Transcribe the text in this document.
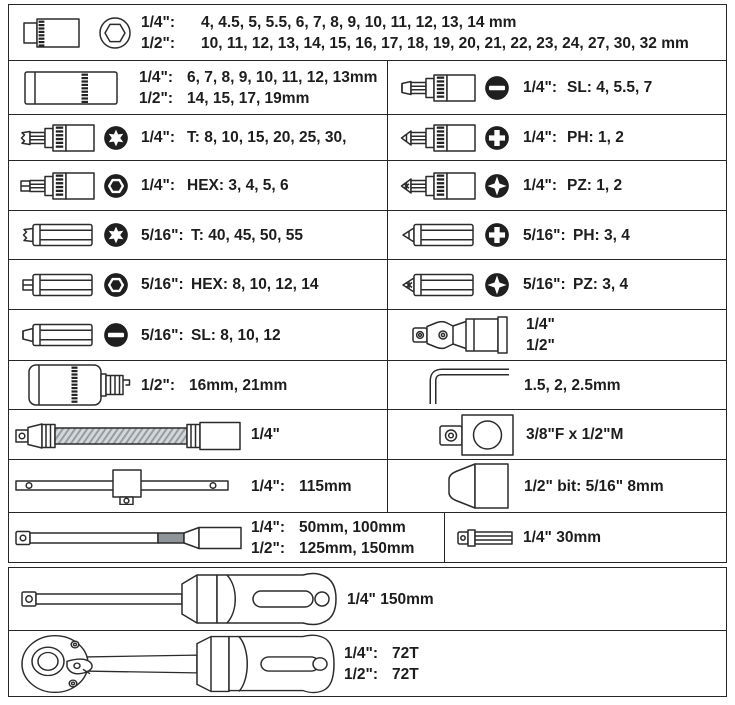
1/4":	4, 4.5, 5, 5.5, 6, 7, 8, 9, 10, 11, 12, 13, 14 mm
1/2":	10, 11, 12, 13, 14, 15, 16, 17, 18, 19, 20, 21, 22, 23, 24, 27, 30, 32 mm
1/4": 6, 7, 8, 9, 10, 11, 12, 13mm
1/2": 14, 15, 17, 19mm
1/4": SL: 4, 5.5, 7
1/4": T: 8, 10, 15, 20, 25, 30,	1/4": PH: 1, 2
1/4": HEX: 3, 4, 5, 6	1/4": PZ: 1, 2
5/16": T: 40, 45, 50, 55	5/16": PH: 3, 4
5/16": HEX: 8, 10, 12, 14	5/16": PZ: 3, 4
5/16": SL: 8, 10, 12
1/4"
1/2"
1/2": 16mm, 21mm	1.5, 2, 2.5mm
1/4"	3/8"F x 1/2"M
1/4": 115mm	1/2" bit: 5/16" 8mm
1/4": 50mm, 100mm
1/2": 125mm, 150mm
1/4" 30mm
1/4" 150mm
1/4": 72T
1/2": 72T
